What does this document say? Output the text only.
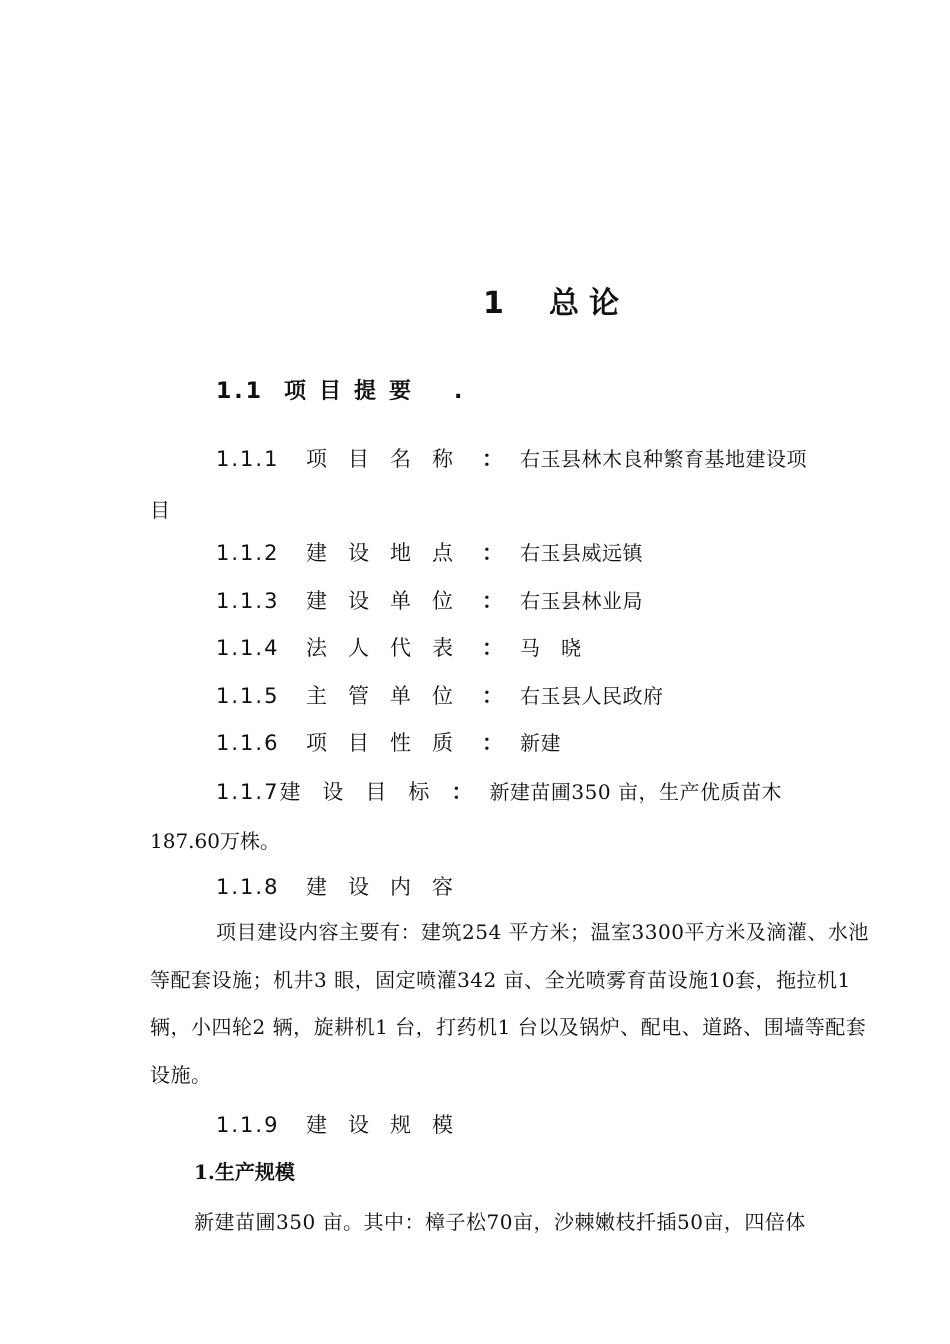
1 总论
1.1 项目提要 .
1.1.1 项目名称 ： 右玉县林木良种繁育基地建设项
目
1.1.2 建设地点 ： 右玉县威远镇
1.1.3 建设单位 ： 右玉县林业局
1.1.4 法人代表 ： 马　晓
1.1.5 主管单位 ： 右玉县人民政府
1.1.6 项目性质 ： 新建
1.1.7建设目标： 新建苗圃350 亩，生产优质苗木
187.60万株。
1.1.8 建设内容
项目建设内容主要有：建筑254 平方米；温室3300平方米及滴灌、水池等配套设施；机井3 眼，固定喷灌342 亩、全光喷雾育苗设施10套，拖拉机1 辆，小四轮2 辆，旋耕机1 台，打药机1 台以及锅炉、配电、道路、围墙等配套设施。
1.1.9 建设规模
1.生产规模
新建苗圃350 亩。其中：樟子松70亩，沙棘嫩枝扦插50亩，四倍体
